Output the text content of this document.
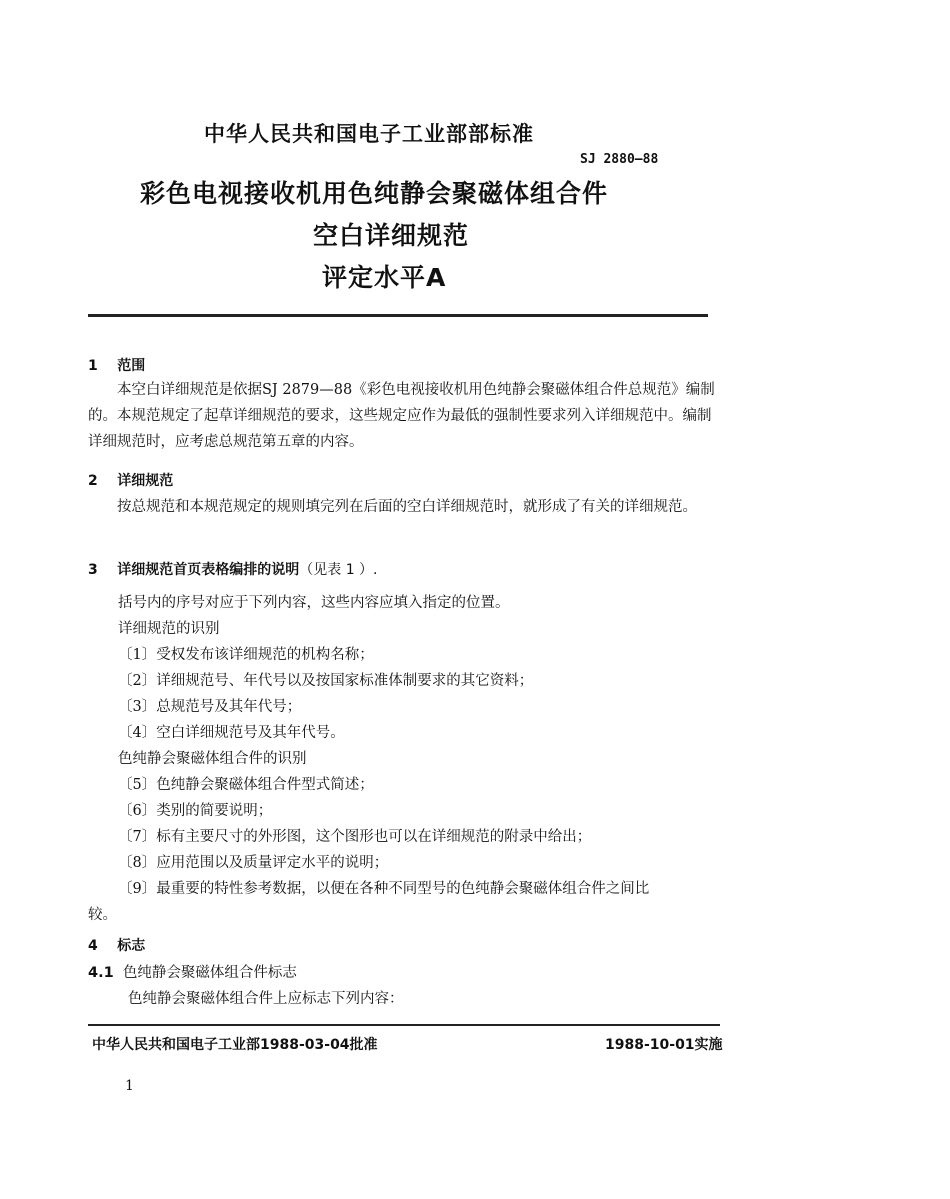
中华人民共和国电子工业部部标准
SJ 2880—88
彩色电视接收机用色纯静会聚磁体组合件
空白详细规范
评定水平A
1 范围
本空白详细规范是依据SJ 2879—88《彩色电视接收机用色纯静会聚磁体组合件总规范》编制的。本规范规定了起草详细规范的要求，这些规定应作为最低的强制性要求列入详细规范中。编制详细规范时，应考虑总规范第五章的内容。
2 详细规范
按总规范和本规范规定的规则填完列在后面的空白详细规范时，就形成了有关的详细规范。
3 详细规范首页表格编排的说明（见表 1 ）.
括号内的序号对应于下列内容，这些内容应填入指定的位置。
详细规范的识别
〔1〕受权发布该详细规范的机构名称；
〔2〕详细规范号、年代号以及按国家标准体制要求的其它资料；
〔3〕总规范号及其年代号；
〔4〕空白详细规范号及其年代号。
色纯静会聚磁体组合件的识别
〔5〕色纯静会聚磁体组合件型式简述；
〔6〕类别的简要说明；
〔7〕标有主要尺寸的外形图，这个图形也可以在详细规范的附录中给出；
〔8〕应用范围以及质量评定水平的说明；
〔9〕最重要的特性参考数据，以便在各种不同型号的色纯静会聚磁体组合件之间比
较。
4 标志
4.1 色纯静会聚磁体组合件标志
色纯静会聚磁体组合件上应标志下列内容：
中华人民共和国电子工业部1988-03-04批准	1988-10-01实施
1
